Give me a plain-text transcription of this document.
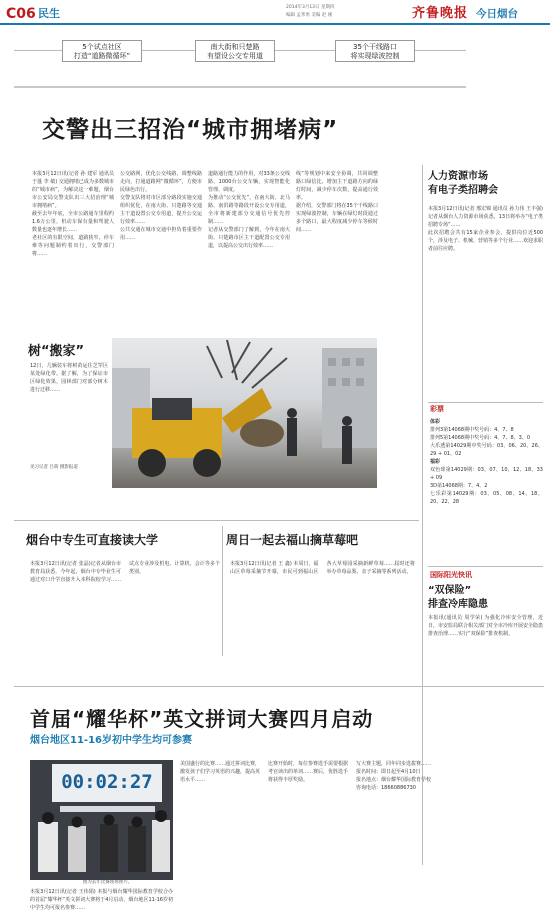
C06 民生	2014年3月13日 星期四
编辑 孟邦勇 美编 赵 刚	齐鲁晚报 今日烟台
5个试点社区
打造“道路微循环”
南大街和只楚路
有望设公交专用道
35个干线路口
将实现绿波控制
交警出三招治“城市拥堵病”
本报3月12日讯(记者 孙 建军 通讯员 于蓬 李 敏) 交通拥堵已成为多数城市的“城市病”，为解决这一难题，烟台市公安局交警支队出三大招治理“城市拥堵病”。
截至去年年底，全市公路通车里程约1.6万公里，机动车保有量和驾驶人数量也逐年增长……
老社区的有限空间，道路狭窄、停车难等问题制约着出行，交警部门将……
公交路网，优化公交线路，调整线路走向，打通道路网“微循环”，方便市民绿色出行。
交警支队将对市区部分路段实施交通组织优化，在南大街、只楚路等交通主干道设置公交专用道，提升公交运行效率……
公共交通在城市交通中担负着重要作用……
道路通行能力的作用，对33条公交线路、1000台公交车辆，实现智能化管理、调度。
为推动“公交优先”，在南大街、北马路、南洪路等路段开设公交专用道，全市将新建部分交通信号优先控制……
记者从交警部门了解到，今年在南大街、只楚路市区主干道配置公交专用道，以提高公交出行效率……
线”等规划中来安全协调，共同调整路口绿信比，增加主干道路方向的绿灯时间，减少停车次数，提高通行效率。
据介绍，交警部门将在35个干线路口实现绿波控制，车辆在绿灯时段通过多个路口，最大程度减少停车等候时间……
人力资源市场
有电子类招聘会
本报3月12日讯(记者 邢宏锦 通讯员 孙力伟 王丰强) 记者从烟台人力资源市场获悉，13日将举办“电子类招聘专场”……
此次招聘会共有15家企业参会，提供岗位近500个，涉及电子、机械、营销等多个行业……欢迎求职者前往应聘。
彩票
体彩
排列3第14068期中奖号码：4、7、8
排列5第14068期中奖号码：4、7、8、3、0
大乐透第14029期中奖号码：03、06、20、26、29 + 01、02
福彩
双色球第14029期：03、07、10、12、18、33 + 09
3D第14068期：7、4、2
七乐彩第14029期：03、05、08、14、18、20、22、28
树“搬家”
12日，几辆装车将树苗运往芝罘区某处绿化带。据了解，为了保证市区绿化效果，园林部门对部分树木进行迁移……
见习记者 吕萌 摄影报道
烟台中专生可直接读大学
本报3月12日讯(记者 张晶)记者从烟台市教育局获悉，今年起，烟台中专毕业生可通过对口升学直接升入本科院校学习……试点专业涉及机电、计算机、会计等多个类别。
周日一起去福山摘草莓吧
本报3月12日讯(记者 王 鑫) 本周日，福山区草莓采摘节开幕，市民可到福山区各大草莓园采摘新鲜草莓……届时还将举办草莓品鉴、亲子采摘等系列活动。	国际阳光快讯
“双保险”
排查冷库隐患
本报讯(通讯员 周学荣) 为强化冷库安全管理，近日，市安监局联合相关部门对全市冷库开展安全隐患排查治理……实行“双保险”排查机制。
首届“耀华杯”英文拼词大赛四月启动
烟台地区11-16岁初中学生均可参赛
00:02:27
图为去年比赛现场照片。
本报3月12日讯(记者 王伟娟) 本报与烟台耀华国际教育学校合办的首届“耀华杯”英文拼词大赛将于4月启动，烟台地区11-16岁初中学生均可报名参赛……
美国盛行的比赛……通过拼词比赛，激发孩子们学习英语的兴趣，提高英语水平……
比赛开始时，每位参赛选手需要根据考官读出的单词……赛后，优胜选手将获得丰厚奖励。
写大赛主题，同年同步选拔赛……
报名时间：即日起至4月10日
报名地点：烟台耀华国际教育学校
咨询电话：18660886730
